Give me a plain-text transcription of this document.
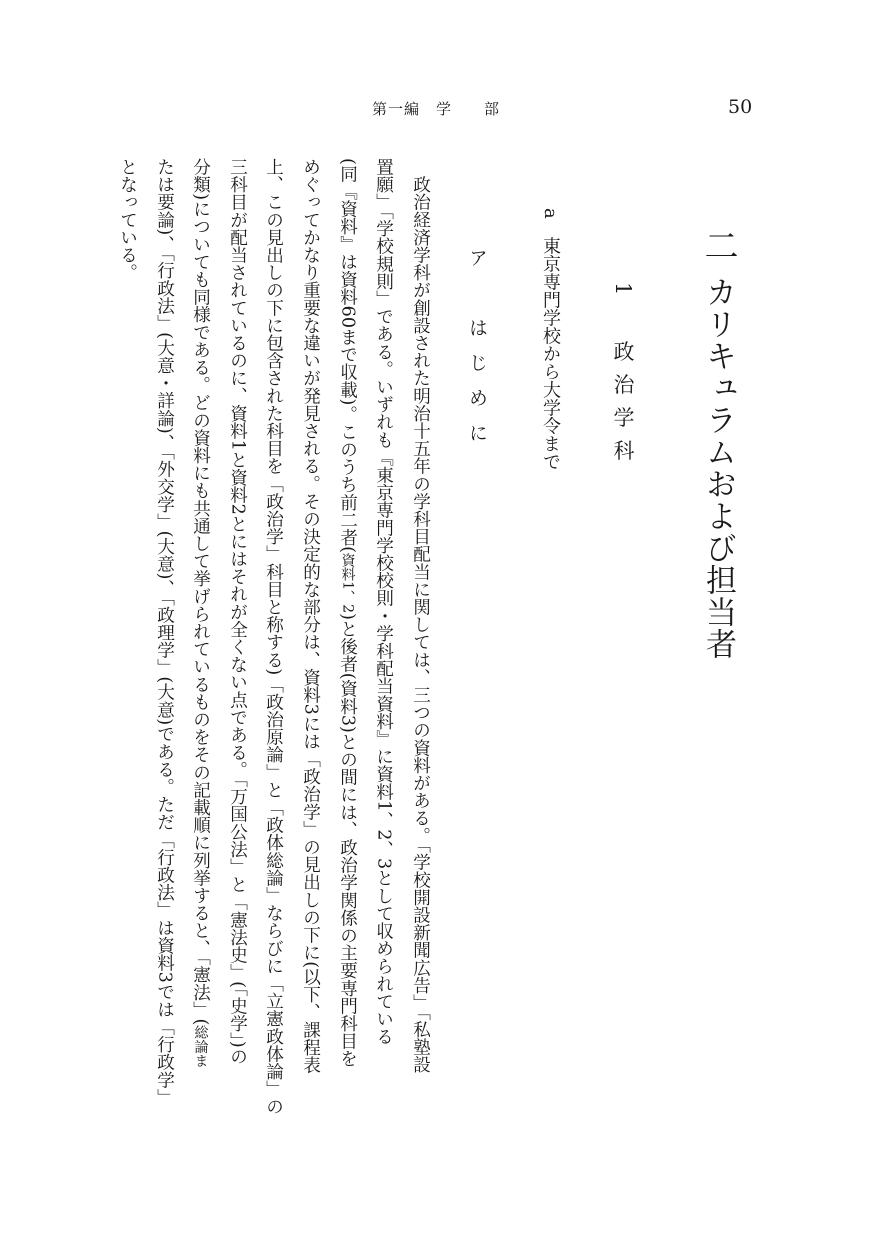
第一編　学　　部	50
二
カリキュラムおよび担当者
1　政治学科
a　東京専門学校から大学令まで
ア　はじめに
　政治経済学科が創設された明治十五年の学科目配当に関しては、三つの資料がある。「学校開設新聞広告」「私塾設
置願」「学校規則」である。いずれも『東京専門学校校則・学科配当資料』に資料1、2、3として収められている
(同『資料』は資料60まで収載)。このうち前二者(資料1、2)と後者(資料3)との間には、政治学関係の主要専門科目を
めぐってかなり重要な違いが発見される。その決定的な部分は、資料3には「政治学」の見出しの下に(以下、課程表
上、この見出しの下に包含された科目を「政治学」科目と称する)「政治原論」と「政体総論」ならびに「立憲政体論」の
三科目が配当されているのに、資料1と資料2とにはそれが全くない点である。「万国公法」と「憲法史」(「史学」)の
分類)についても同様である。どの資料にも共通して挙げられているものをその記載順に列挙すると、「憲法」(総論ま
たは要論)、「行政法」(大意・詳論)、「外交学」(大意)、「政理学」(大意)である。ただ「行政法」は資料3では「行政学」
となっている。
